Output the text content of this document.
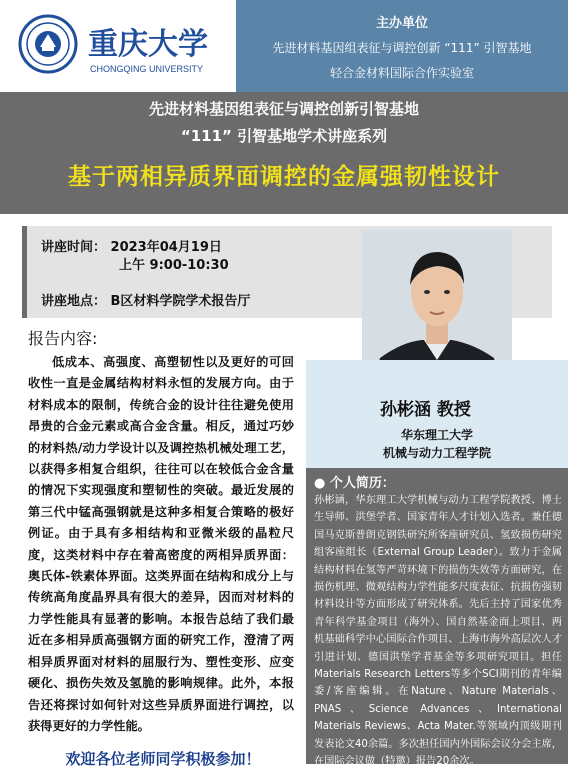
重庆大学
CHONGQING UNIVERSITY
主办单位
先进材料基因组表征与调控创新 “111” 引智基地
轻合金材料国际合作实验室
先进材料基因组表征与调控创新引智基地
“111” 引智基地学术讲座系列
基于两相异质界面调控的金属强韧性设计
讲座时间： 2023年04月19日
上午 9:00-10:30
讲座地点： B区材料学院学术报告厅
孙彬涵 教授
华东理工大学
机械与动力工程学院
报告内容:
低成本、高强度、高塑韧性以及更好的可回收性一直是金属结构材料永恒的发展方向。由于材料成本的限制，传统合金的设计往往避免使用昂贵的合金元素或高合金含量。相反，通过巧妙的材料热/动力学设计以及调控热机械处理工艺，以获得多相复合组织，往往可以在较低合金含量的情况下实现强度和塑韧性的突破。最近发展的第三代中锰高强钢就是这种多相复合策略的极好例证。由于具有多相结构和亚微米级的晶粒尺度，这类材料中存在着高密度的两相异质界面：奥氏体-铁素体界面。这类界面在结构和成分上与传统高角度晶界具有很大的差异，因而对材料的力学性能具有显著的影响。本报告总结了我们最近在多相异质高强钢方面的研究工作，澄清了两相异质界面对材料的屈服行为、塑性变形、应变硬化、损伤失效及氢脆的影响规律。此外，本报告还将探讨如何针对这些异质界面进行调控，以获得更好的力学性能。
● 个人简历：
孙彬涵，华东理工大学机械与动力工程学院教授、博士生导师、洪堡学者、国家青年人才计划入选者。兼任德国马克斯普朗克钢铁研究所客座研究员、氢致损伤研究组客座组长（External Group Leader）。致力于金属结构材料在氢等严苛环境下的损伤失效等方面研究，在损伤机理、微观结构力学性能多尺度表征、抗损伤强韧材料设计等方面形成了研究体系。先后主持了国家优秀青年科学基金项目（海外）、国自然基金面上项目、两机基础科学中心国际合作项目、上海市海外高层次人才引进计划、德国洪堡学者基金等多项研究项目。担任Materials Research Letters等多个SCI期刊的青年编委/客座编辑。在Nature、Nature Materials、PNAS、Science Advances、International Materials Reviews、Acta Mater.等领域内顶级期刊发表论文40余篇。多次担任国内外国际会议分会主席，在国际会议做（特邀）报告20余次。
欢迎各位老师同学积极参加！
